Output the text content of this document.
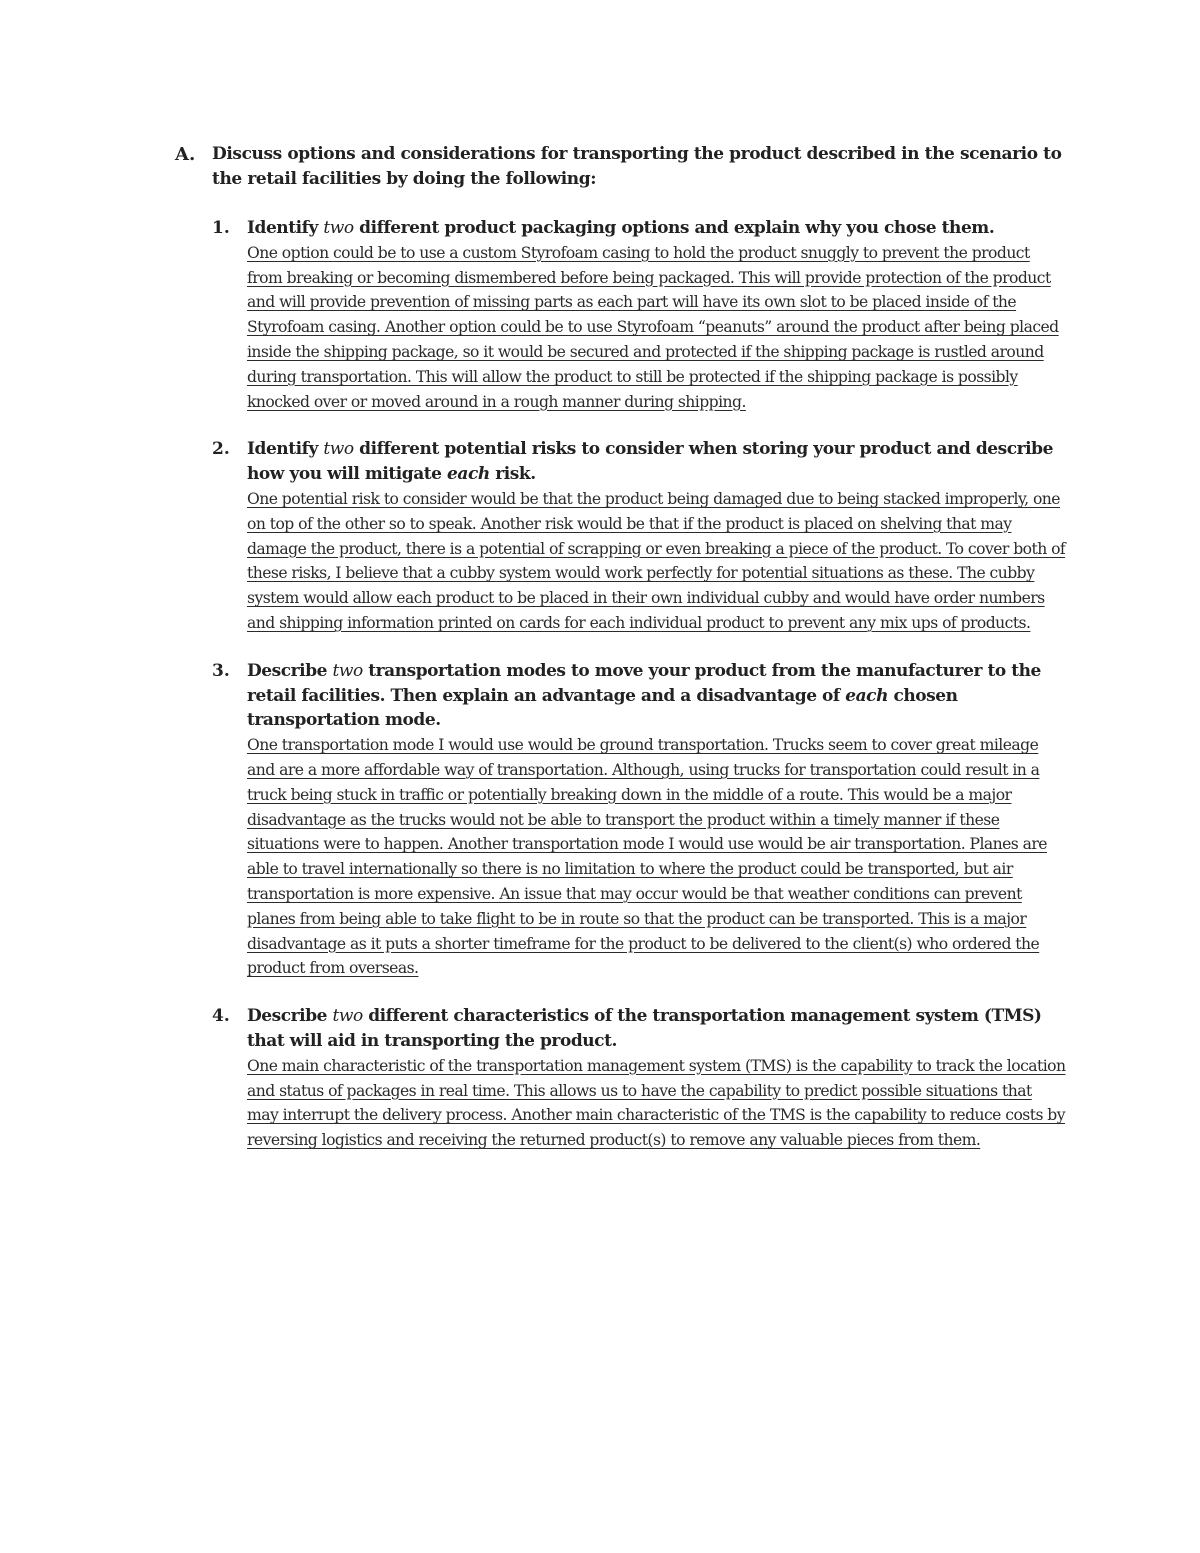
A. Discuss options and considerations for transporting the product described in the scenario to the retail facilities by doing the following:
1. Identify two different product packaging options and explain why you chose them.
One option could be to use a custom Styrofoam casing to hold the product snuggly to prevent the product from breaking or becoming dismembered before being packaged. This will provide protection of the product and will provide prevention of missing parts as each part will have its own slot to be placed inside of the Styrofoam casing. Another option could be to use Styrofoam “peanuts” around the product after being placed inside the shipping package, so it would be secured and protected if the shipping package is rustled around during transportation. This will allow the product to still be protected if the shipping package is possibly knocked over or moved around in a rough manner during shipping.
2. Identify two different potential risks to consider when storing your product and describe how you will mitigate each risk.
One potential risk to consider would be that the product being damaged due to being stacked improperly, one on top of the other so to speak. Another risk would be that if the product is placed on shelving that may damage the product, there is a potential of scrapping or even breaking a piece of the product. To cover both of these risks, I believe that a cubby system would work perfectly for potential situations as these. The cubby system would allow each product to be placed in their own individual cubby and would have order numbers and shipping information printed on cards for each individual product to prevent any mix ups of products.
3. Describe two transportation modes to move your product from the manufacturer to the retail facilities. Then explain an advantage and a disadvantage of each chosen transportation mode.
One transportation mode I would use would be ground transportation. Trucks seem to cover great mileage and are a more affordable way of transportation. Although, using trucks for transportation could result in a truck being stuck in traffic or potentially breaking down in the middle of a route. This would be a major disadvantage as the trucks would not be able to transport the product within a timely manner if these situations were to happen. Another transportation mode I would use would be air transportation. Planes are able to travel internationally so there is no limitation to where the product could be transported, but air transportation is more expensive. An issue that may occur would be that weather conditions can prevent planes from being able to take flight to be in route so that the product can be transported. This is a major disadvantage as it puts a shorter timeframe for the product to be delivered to the client(s) who ordered the product from overseas.
4. Describe two different characteristics of the transportation management system (TMS) that will aid in transporting the product.
One main characteristic of the transportation management system (TMS) is the capability to track the location and status of packages in real time. This allows us to have the capability to predict possible situations that may interrupt the delivery process. Another main characteristic of the TMS is the capability to reduce costs by reversing logistics and receiving the returned product(s) to remove any valuable pieces from them.
